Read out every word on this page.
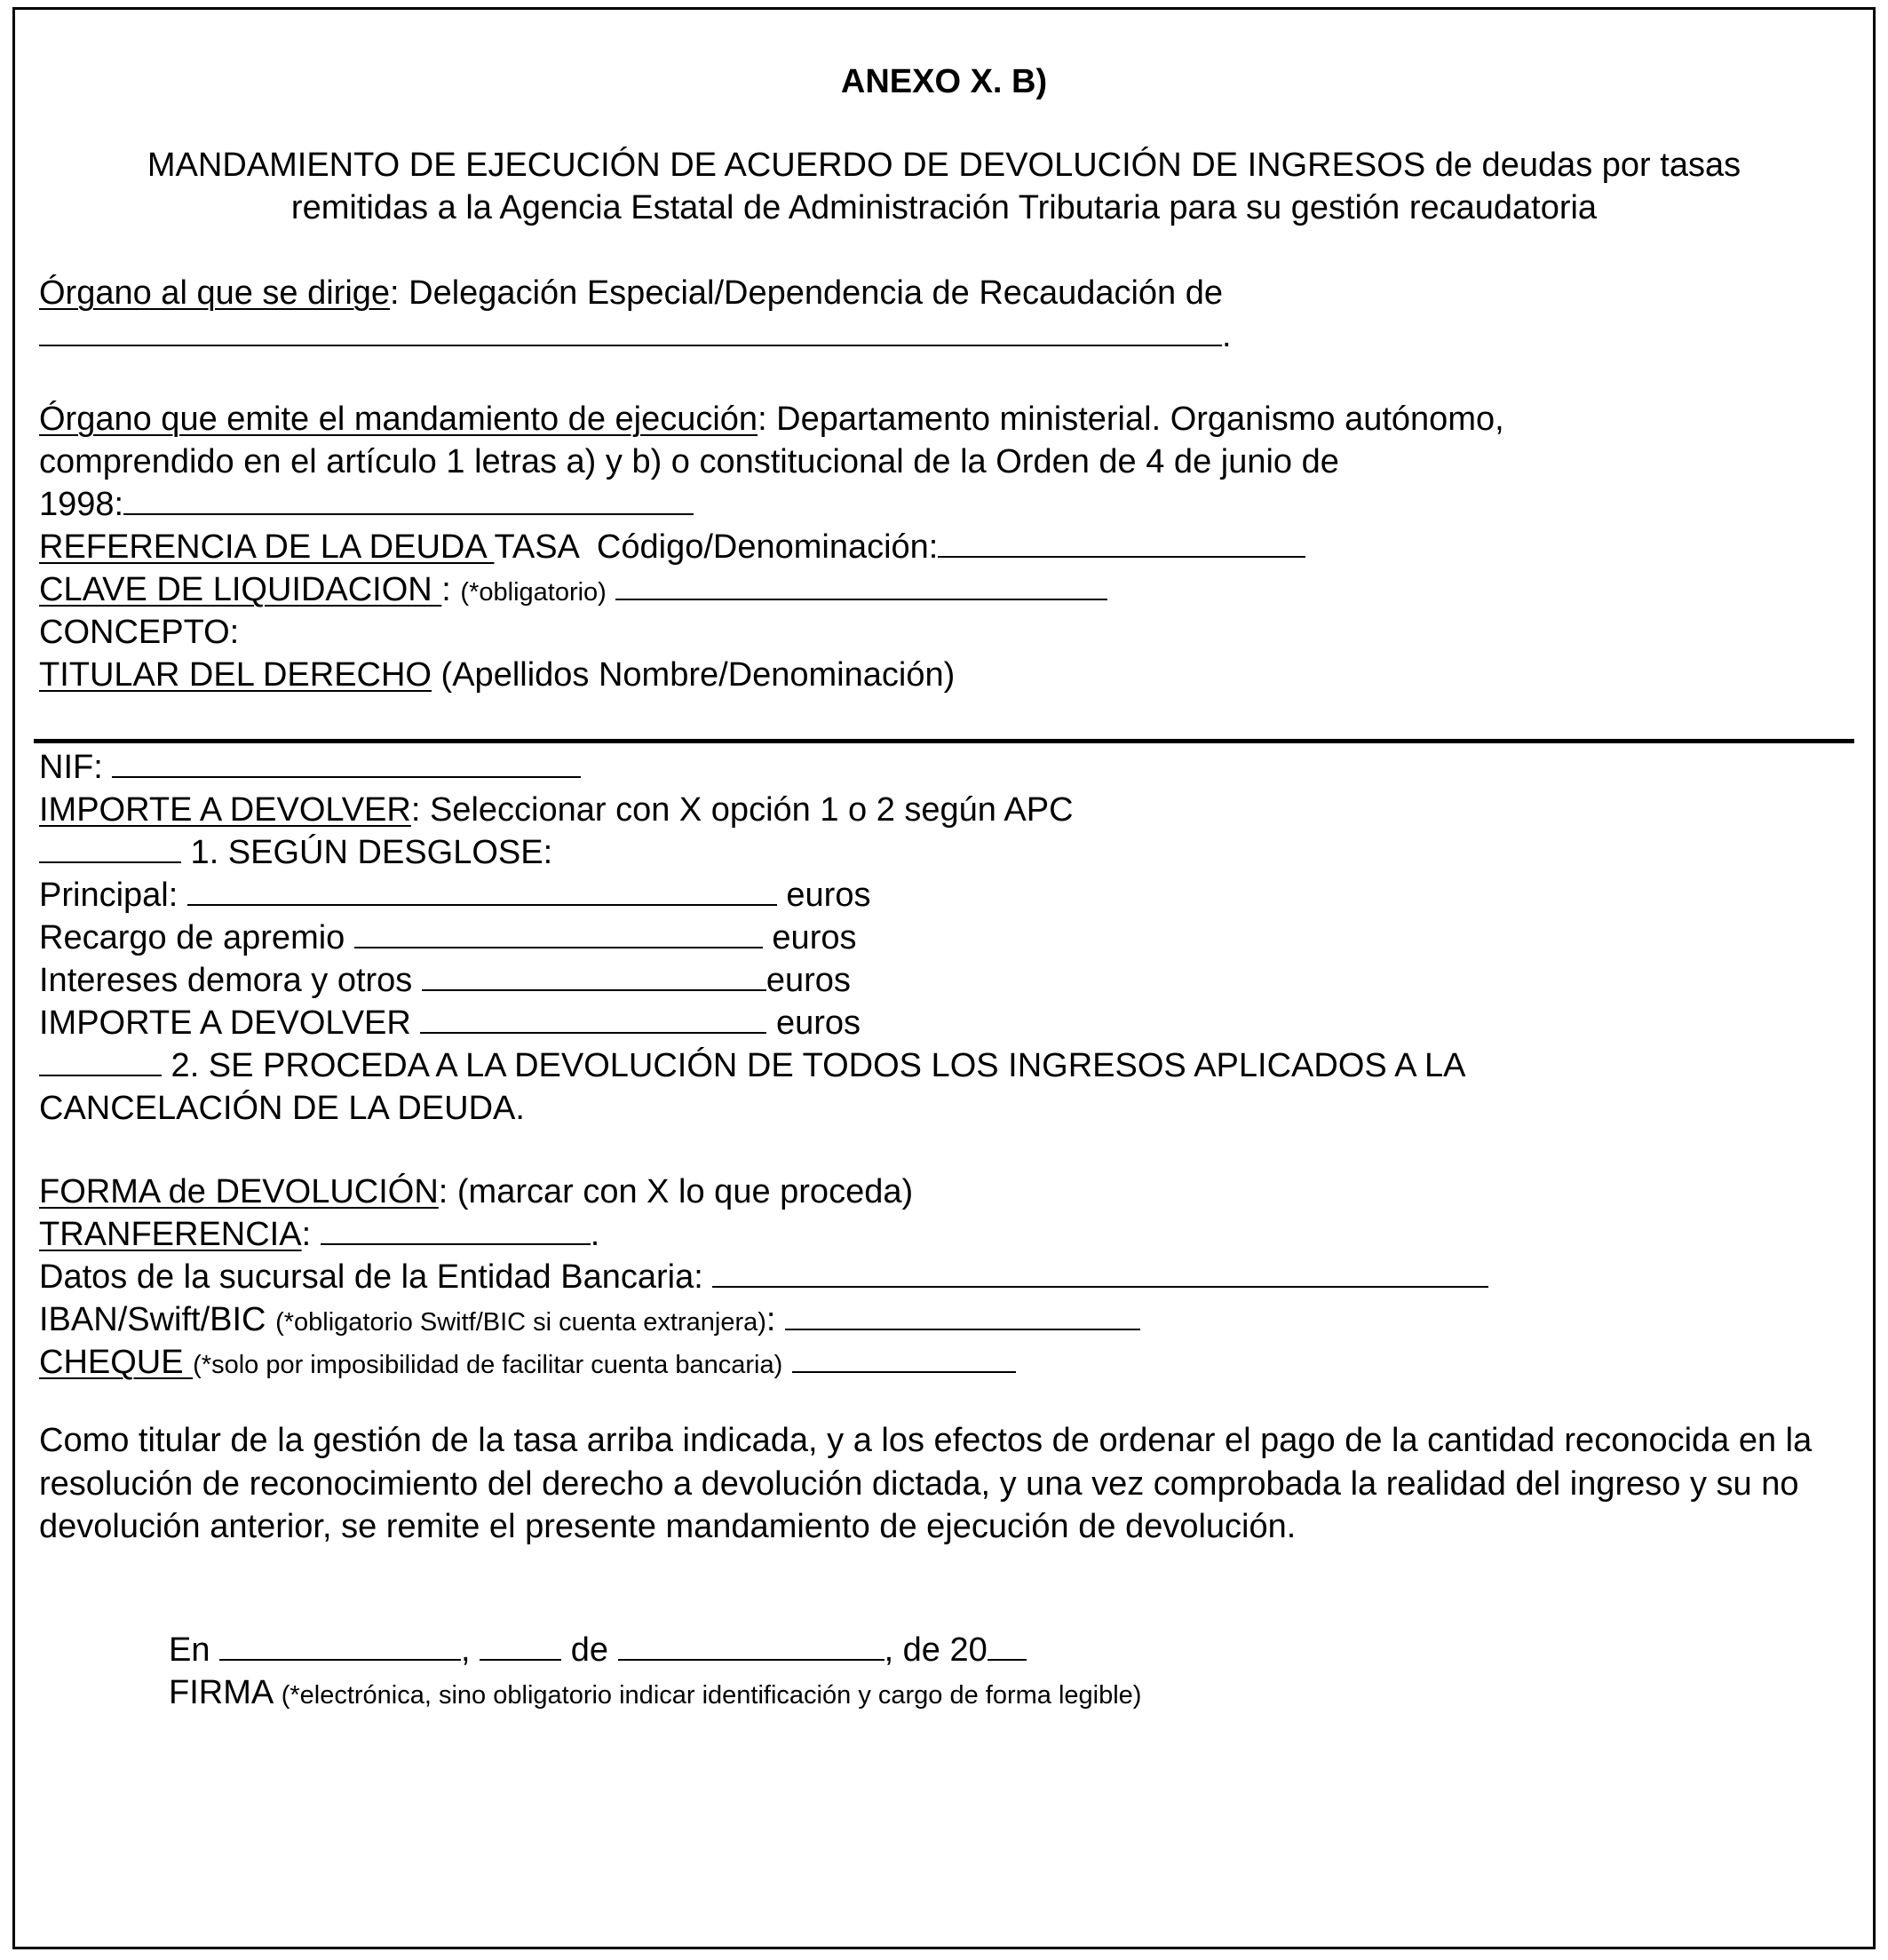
ANEXO X. B)
MANDAMIENTO DE EJECUCIÓN DE ACUERDO DE DEVOLUCIÓN DE INGRESOS de deudas por tasas
remitidas a la Agencia Estatal de Administración Tributaria para su gestión recaudatoria
Órgano al que se dirige: Delegación Especial/Dependencia de Recaudación de
.
Órgano que emite el mandamiento de ejecución: Departamento ministerial. Organismo autónomo,
comprendido en el artículo 1 letras a) y b) o constitucional de la Orden de 4 de junio de
1998:
REFERENCIA DE LA DEUDA TASA  Código/Denominación:
CLAVE DE LIQUIDACION : (*obligatorio)
CONCEPTO:
TITULAR DEL DERECHO (Apellidos Nombre/Denominación)
NIF:
IMPORTE A DEVOLVER: Seleccionar con X opción 1 o 2 según APC
1. SEGÚN DESGLOSE:
Principal:	euros
Recargo de apremio	euros
Intereses demora y otros	euros
IMPORTE A DEVOLVER	euros
2. SE PROCEDA A LA DEVOLUCIÓN DE TODOS LOS INGRESOS APLICADOS A LA
CANCELACIÓN DE LA DEUDA.
FORMA de DEVOLUCIÓN: (marcar con X lo que proceda)
TRANFERENCIA:	.
Datos de la sucursal de la Entidad Bancaria:
IBAN/Swift/BIC (*obligatorio Switf/BIC si cuenta extranjera):
CHEQUE (*solo por imposibilidad de facilitar cuenta bancaria)
Como titular de la gestión de la tasa arriba indicada, y a los efectos de ordenar el pago de la cantidad reconocida en la resolución de reconocimiento del derecho a devolución dictada, y una vez comprobada la realidad del ingreso y su no devolución anterior, se remite el presente mandamiento de ejecución de devolución.
En	,  de	, de 20
FIRMA (*electrónica, sino obligatorio indicar identificación y cargo de forma legible)
